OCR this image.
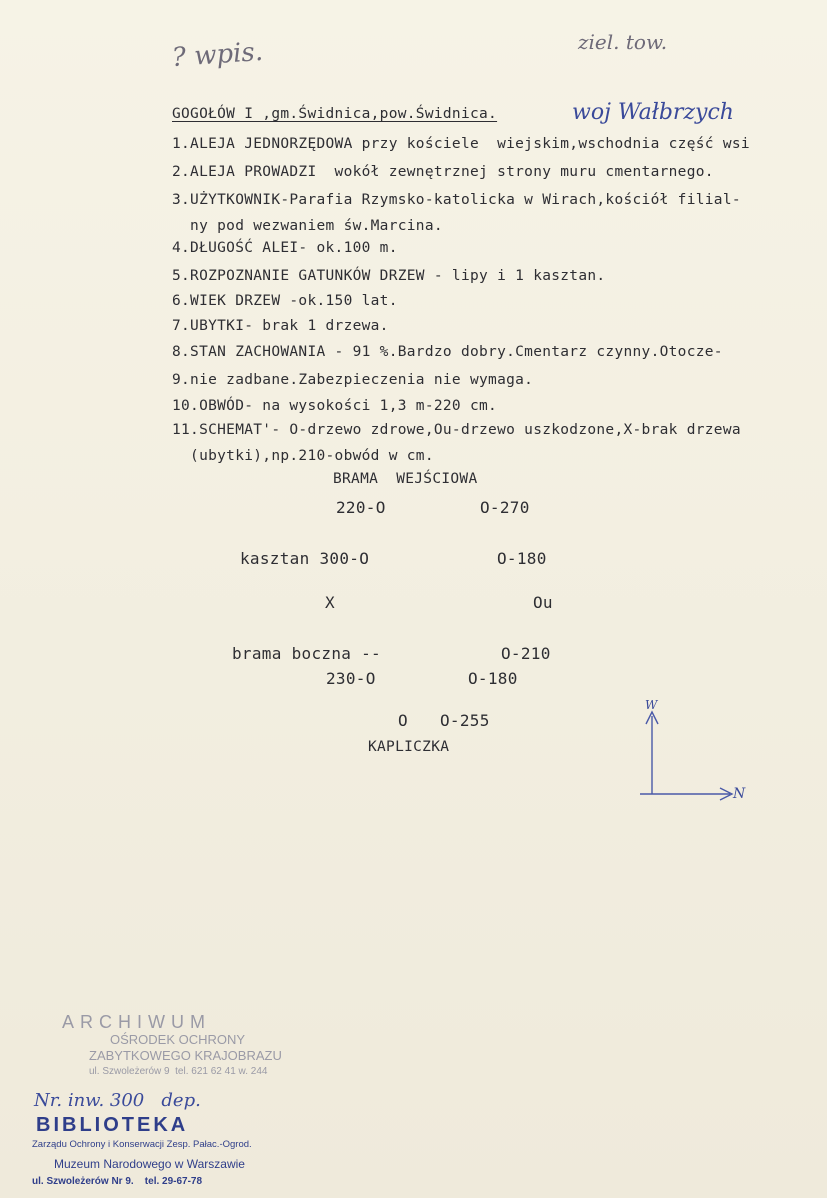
? wpis.	ziel. tow.
woj Wałbrzych
GOGOŁÓW I ,gm.Świdnica,pow.Świdnica.
1.ALEJA JEDNORZĘDOWA przy kościele  wiejskim,wschodnia część wsi
2.ALEJA PROWADZI  wokół zewnętrznej strony muru cmentarnego.
3.UŻYTKOWNIK-Parafia Rzymsko-katolicka w Wirach,kościół filial-
ny pod wezwaniem św.Marcina.
4.DŁUGOŚĆ ALEI- ok.100 m.
5.ROZPOZNANIE GATUNKÓW DRZEW - lipy i 1 kasztan.
6.WIEK DRZEW -ok.150 lat.
7.UBYTKI- brak 1 drzewa.
8.STAN ZACHOWANIA - 91 %.Bardzo dobry.Cmentarz czynny.Otocze-
9.nie zadbane.Zabezpieczenia nie wymaga.
10.OBWÓD- na wysokości 1,3 m-220 cm.
11.SCHEMAT'- O-drzewo zdrowe,Ou-drzewo uszkodzone,X-brak drzewa
(ubytki),np.210-obwód w cm.
BRAMA  WEJŚCIOWA
220-O	O-270
kasztan 300-O	O-180
X	Ou
brama boczna --	O-210
230-O	O-180
O O-255
KAPLICZKA
W
N
ARCHIWUM
OŚRODEK OCHRONY
ZABYTKOWEGO KRAJOBRAZU
ul. Szwoleżerów 9  tel. 621 62 41 w. 244
Nr. inw. 300   dep.
BIBLIOTEKA
Zarządu Ochrony i Konserwacji Zesp. Pałac.-Ogrod.
Muzeum Narodowego w Warszawie
ul. Szwoleżerów Nr 9.    tel. 29-67-78
